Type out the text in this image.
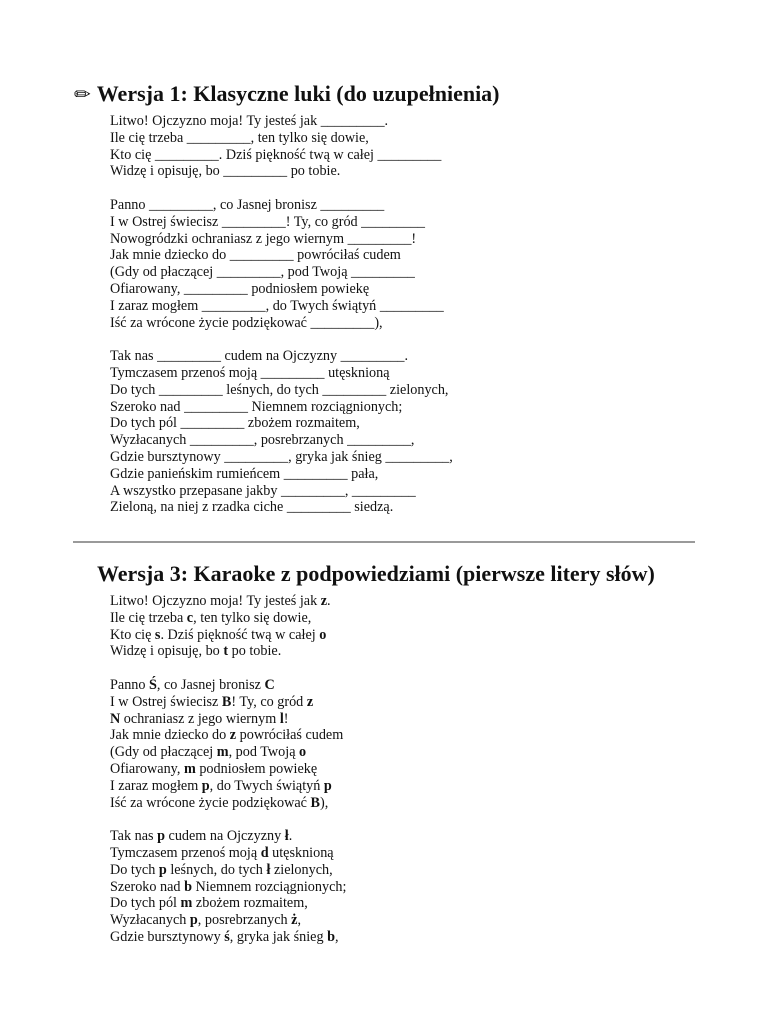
✏ Wersja 1: Klasyczne luki (do uzupełnienia)
Litwo! Ojczyzno moja! Ty jesteś jak _________.
Ile cię trzeba _________, ten tylko się dowie,
Kto cię _________. Dziś piękność twą w całej _________
Widzę i opisuję, bo _________ po tobie.
Panno _________, co Jasnej bronisz _________
I w Ostrej świecisz _________! Ty, co gród _________
Nowogródzki ochraniasz z jego wiernym _________!
Jak mnie dziecko do _________ powróciłaś cudem
(Gdy od płaczącej _________, pod Twoją _________
Ofiarowany, _________ podniosłem powiekę
I zaraz mogłem _________, do Twych świątyń _________
Iść za wrócone życie podziękować _________),
Tak nas _________ cudem na Ojczyzny _________.
Tymczasem przenoś moją _________ utęsknioną
Do tych _________ leśnych, do tych _________ zielonych,
Szeroko nad _________ Niemnem rozciągnionych;
Do tych pól _________ zbożem rozmaitem,
Wyzłacanych _________, posrebrzanych _________,
Gdzie bursztynowy _________, gryka jak śnieg _________,
Gdzie panieńskim rumieńcem _________ pała,
A wszystko przepasane jakby _________, _________
Zieloną, na niej z rzadka ciche _________ siedzą.
Wersja 3: Karaoke z podpowiedziami (pierwsze litery słów)
Litwo! Ojczyzno moja! Ty jesteś jak z.
Ile cię trzeba c, ten tylko się dowie,
Kto cię s. Dziś piękność twą w całej o
Widzę i opisuję, bo t po tobie.
Panno Ś, co Jasnej bronisz C
I w Ostrej świecisz B! Ty, co gród z
N ochraniasz z jego wiernym l!
Jak mnie dziecko do z powróciłaś cudem
(Gdy od płaczącej m, pod Twoją o
Ofiarowany, m podniosłem powiekę
I zaraz mogłem p, do Twych świątyń p
Iść za wrócone życie podziękować B),
Tak nas p cudem na Ojczyzny ł.
Tymczasem przenoś moją d utęsknioną
Do tych p leśnych, do tych ł zielonych,
Szeroko nad b Niemnem rozciągnionych;
Do tych pól m zbożem rozmaitem,
Wyzłacanych p, posrebrzanych ż,
Gdzie bursztynowy ś, gryka jak śnieg b,
